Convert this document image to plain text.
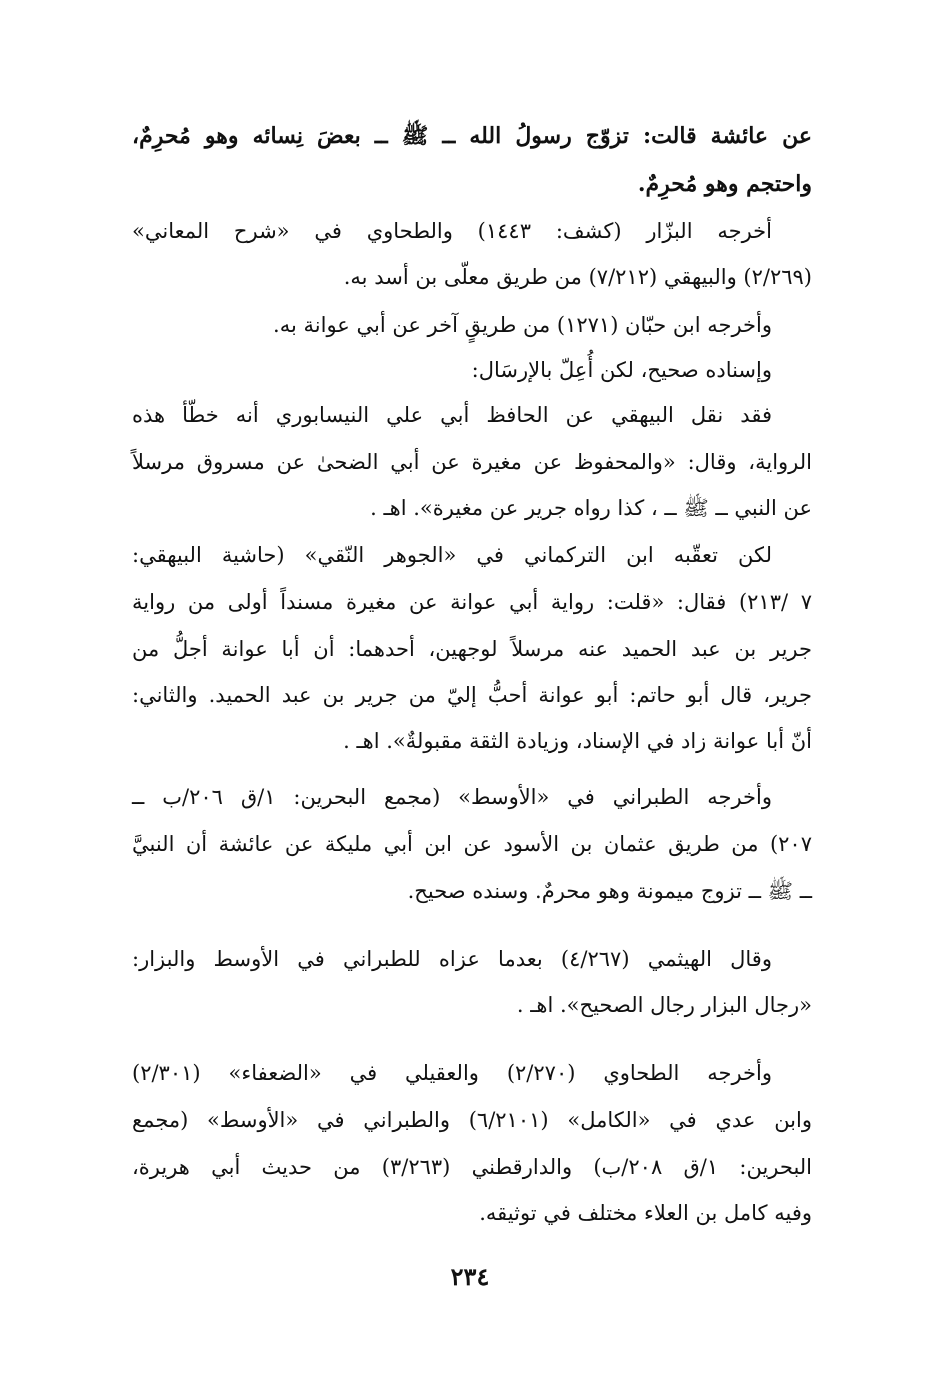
عن عائشة قالت: تزوّج رسولُ الله ــ ﷺ ــ بعضَ نِسائه وهو مُحرِمٌ،
واحتجم وهو مُحرِمٌ.
أخرجه البزّار (كشف: ١٤٤٣) والطحاوي في «شرح المعاني»
(٢/٢٦٩) والبيهقي (٧/٢١٢) من طريق معلّى بن أسد به.
وأخرجه ابن حبّان (١٢٧١) من طريقٍ آخر عن أبي عوانة به.
وإسناده صحيح، لكن أُعِلّ بالإرسَال:
فقد نقل البيهقي عن الحافظ أبي علي النيسابوري أنه خطّأ هذه
الرواية، وقال: «والمحفوظ عن مغيرة عن أبي الضحىٰ عن مسروق مرسلاً
عن النبي ــ ﷺ ــ ، كذا رواه جرير عن مغيرة». اهـ .
لكن تعقّبه ابن التركماني في «الجوهر النّقي» (حاشية البيهقي:
٧ /٢١٣) فقال: «قلت: رواية أبي عوانة عن مغيرة مسنداً أولى من رواية
جرير بن عبد الحميد عنه مرسلاً لوجهين، أحدهما: أن أبا عوانة أجلُّ من
جرير، قال أبو حاتم: أبو عوانة أحبُّ إليّ من جرير بن عبد الحميد. والثاني:
أنّ أبا عوانة زاد في الإسناد، وزيادة الثقة مقبولةٌ». اهـ .
وأخرجه الطبراني في «الأوسط» (مجمع البحرين: ١/ق ٢٠٦/ب ــ
٢٠٧) من طريق عثمان بن الأسود عن ابن أبي مليكة عن عائشة أن النبيَّ
ــ ﷺ ــ تزوج ميمونة وهو محرمٌ. وسنده صحيح.
وقال الهيثمي (٤/٢٦٧) بعدما عزاه للطبراني في الأوسط والبزار:
«رجال البزار رجال الصحيح». اهـ .
وأخرجه الطحاوي (٢/٢٧٠) والعقيلي في «الضعفاء» (٢/٣٠١)
وابن عدي في «الكامل» (٦/٢١٠١) والطبراني في «الأوسط» (مجمع
البحرين: ١/ق ٢٠٨/ب) والدارقطني (٣/٢٦٣) من حديث أبي هريرة،
وفيه كامل بن العلاء مختلف في توثيقه.
٢٣٤
